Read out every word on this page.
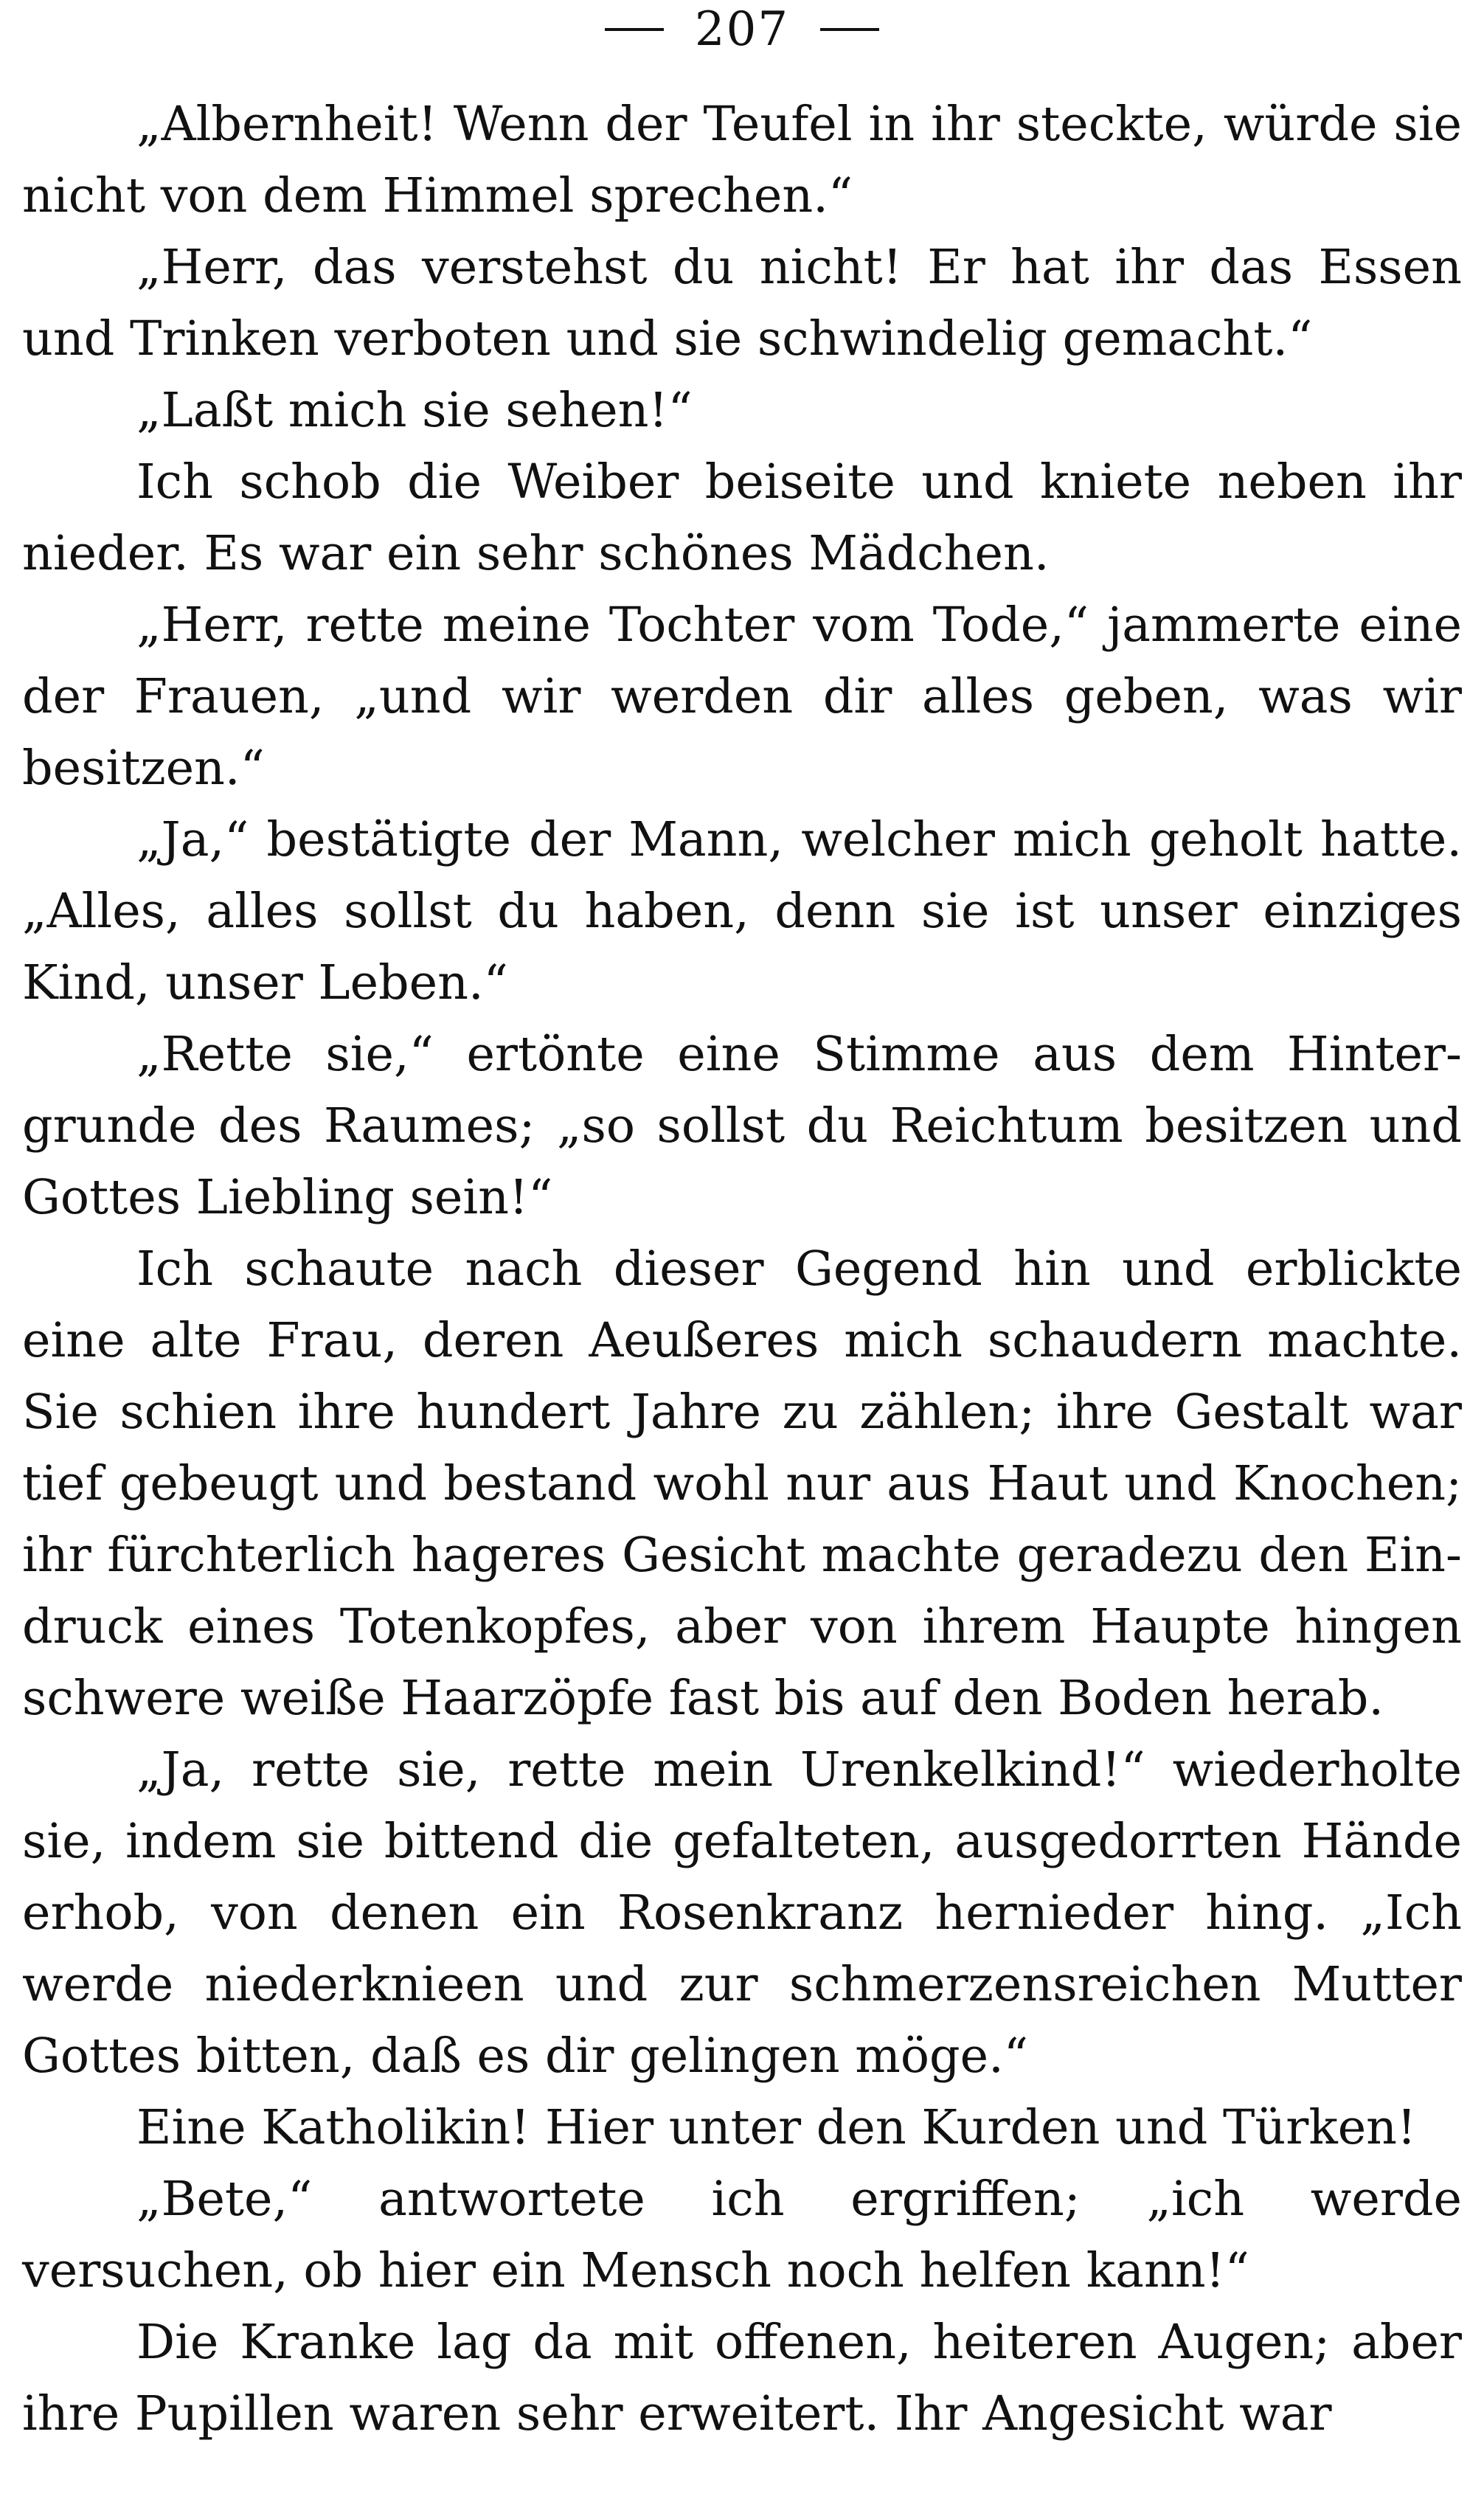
207

„Albernheit! Wenn der Teufel in ihr steckte, würde sie nicht von dem Himmel sprechen.“

„Herr, das verstehst du nicht! Er hat ihr das Essen und Trinken verboten und sie schwindelig gemacht.“

„Laßt mich sie sehen!“

Ich schob die Weiber beiseite und kniete neben ihr nieder. Es war ein sehr schönes Mädchen.

„Herr, rette meine Tochter vom Tode,“ jammerte eine der Frauen, „und wir werden dir alles geben, was wir besitzen.“

„Ja,“ bestätigte der Mann, welcher mich geholt hatte. „Alles, alles sollst du haben, denn sie ist unser einziges Kind, unser Leben.“

„Rette sie,“ ertönte eine Stimme aus dem Hinter-grunde des Raumes; „so sollst du Reichtum besitzen und Gottes Liebling sein!“

Ich schaute nach dieser Gegend hin und erblickte eine alte Frau, deren Aeußeres mich schaudern machte. Sie schien ihre hundert Jahre zu zählen; ihre Gestalt war tief gebeugt und bestand wohl nur aus Haut und Knochen; ihr fürchterlich hageres Gesicht machte geradezu den Ein-druck eines Totenkopfes, aber von ihrem Haupte hingen schwere weiße Haarzöpfe fast bis auf den Boden herab.

„Ja, rette sie, rette mein Urenkelkind!“ wiederholte sie, indem sie bittend die gefalteten, ausgedorrten Hände erhob, von denen ein Rosenkranz hernieder hing. „Ich werde niederknieen und zur schmerzensreichen Mutter Gottes bitten, daß es dir gelingen möge.“

Eine Katholikin! Hier unter den Kurden und Türken!

„Bete,“ antwortete ich ergriffen; „ich werde versuchen, ob hier ein Mensch noch helfen kann!“

Die Kranke lag da mit offenen, heiteren Augen; aber ihre Pupillen waren sehr erweitert. Ihr Angesicht war
